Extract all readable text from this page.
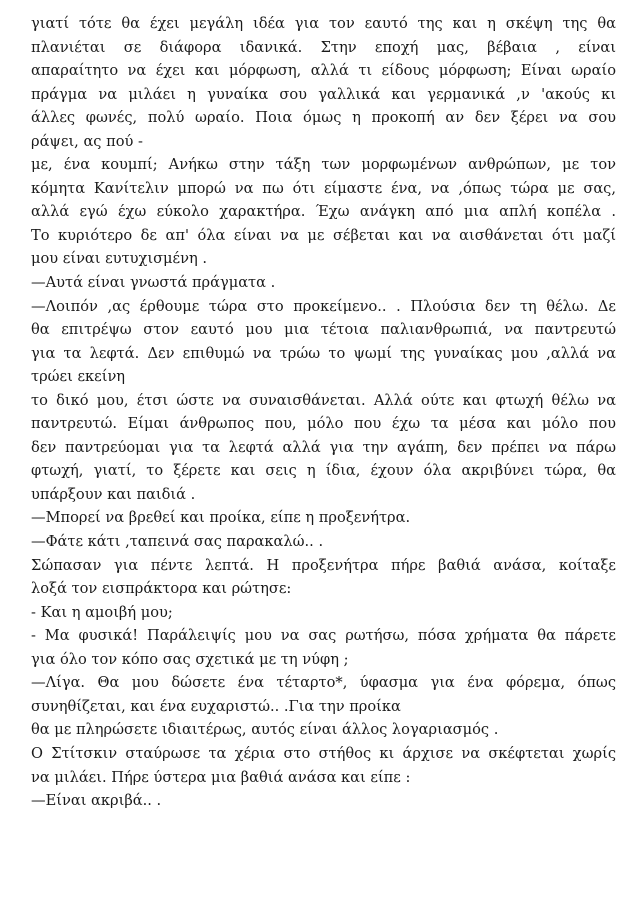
γιατί τότε θα έχει μεγάλη ιδέα για τον εαυτό της και η σκέψη της θα
πλανιέται σε διάφορα ιδανικά. Στην εποχή μας, βέβαια , είναι
απαραίτητο να έχει και μόρφωση, αλλά τι είδους μόρφωση; Είναι ωραίο
πράγμα να μιλάει η γυναίκα σου γαλλικά και γερμανικά ,ν 'ακούς κι
άλλες φωνές, πολύ ωραίο. Ποια όμως η προκοπή αν δεν ξέρει να σου
ράψει, ας πού -
με, ένα κουμπί; Ανήκω στην τάξη των μορφωμένων ανθρώπων, με τον
κόμητα Κανίτελιν μπορώ να πω ότι είμαστε ένα, να ,όπως τώρα με σας,
αλλά εγώ έχω εύκολο χαρακτήρα. Έχω ανάγκη από μια απλή κοπέλα .
Το κυριότερο δε απ' όλα είναι να με σέβεται και να αισθάνεται ότι μαζί
μου είναι ευτυχισμένη .
—Αυτά είναι γνωστά πράγματα .
—Λοιπόν ,ας έρθουμε τώρα στο προκείμενο.. . Πλούσια δεν τη θέλω. Δε
θα επιτρέψω στον εαυτό μου μια τέτοια παλιανθρωπιά, να παντρευτώ
για τα λεφτά. Δεν επιθυμώ να τρώω το ψωμί της γυναίκας μου ,αλλά να
τρώει εκείνη
το δικό μου, έτσι ώστε να συναισθάνεται. Αλλά ούτε και φτωχή θέλω να
παντρευτώ. Είμαι άνθρωπος που, μόλο που έχω τα μέσα και μόλο που
δεν παντρεύομαι για τα λεφτά αλλά για την αγάπη, δεν πρέπει να πάρω
φτωχή, γιατί, το ξέρετε και σεις η ίδια, έχουν όλα ακριβύνει τώρα, θα
υπάρξουν και παιδιά .
—Μπορεί να βρεθεί και προίκα, είπε η προξενήτρα.
—Φάτε κάτι ,ταπεινά σας παρακαλώ.. .
Σώπασαν για πέντε λεπτά. Η προξενήτρα πήρε βαθιά ανάσα, κοίταξε
λοξά τον εισπράκτορα και ρώτησε:
- Και η αμοιβή μου;
- Μα φυσικά! Παράλειψίς μου να σας ρωτήσω, πόσα χρήματα θα πάρετε
για όλο τον κόπο σας σχετικά με τη νύφη ;
—Λίγα. Θα μου δώσετε ένα τέταρτο*, ύφασμα για ένα φόρεμα, όπως
συνηθίζεται, και ένα ευχαριστώ.. .Για την προίκα
θα με πληρώσετε ιδιαιτέρως, αυτός είναι άλλος λογαριασμός .
Ο Στίτσκιν σταύρωσε τα χέρια στο στήθος κι άρχισε να σκέφτεται χωρίς
να μιλάει. Πήρε ύστερα μια βαθιά ανάσα και είπε :
—Είναι ακριβά.. .
